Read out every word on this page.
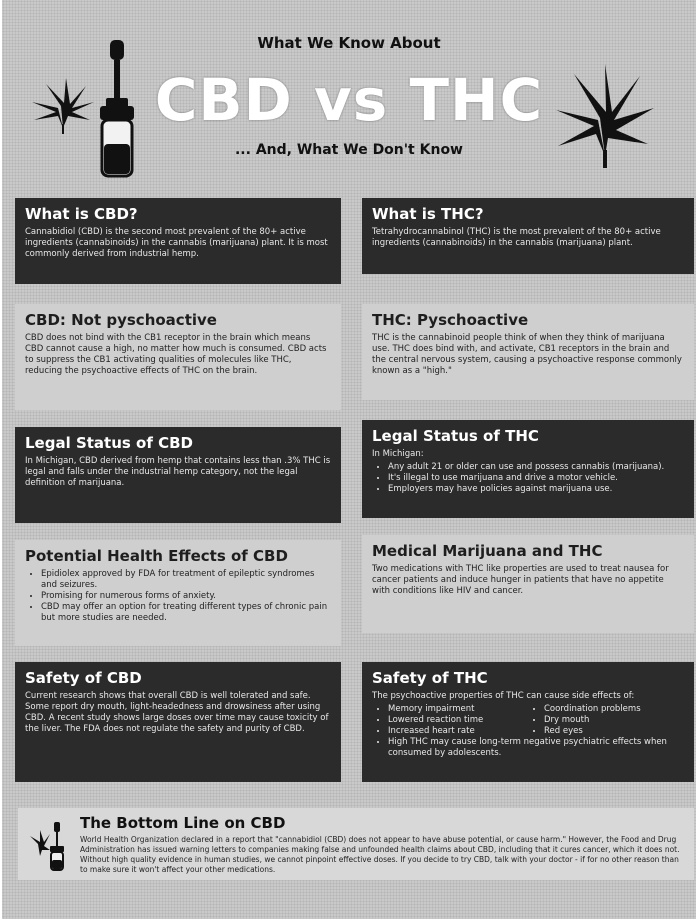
What We Know About
CBD vs THC
... And, What We Don't Know
What is CBD?

Cannabidiol (CBD) is the second most prevalent of the 80+ active ingredients (cannabinoids) in the cannabis (marijuana) plant. It is most commonly derived from industrial hemp.

What is THC?

Tetrahydrocannabinol (THC) is the most prevalent of the 80+ active ingredients (cannabinoids) in the cannabis (marijuana) plant.

CBD: Not pyschoactive

CBD does not bind with the CB1 receptor in the brain which means CBD cannot cause a high, no matter how much is consumed. CBD acts to suppress the CB1 activating qualities of molecules like THC, reducing the psychoactive effects of THC on the brain.

THC: Pyschoactive

THC is the cannabinoid people think of when they think of marijuana use. THC does bind with, and activate, CB1 receptors in the brain and the central nervous system, causing a psychoactive response commonly known as a "high."

Legal Status of CBD

In Michigan, CBD derived from hemp that contains less than .3% THC is legal and falls under the industrial hemp category, not the legal definition of marijuana.

Legal Status of THC

In Michigan:

• Any adult 21 or older can use and possess cannabis (marijuana).
• It's illegal to use marijuana and drive a motor vehicle.
• Employers may have policies against marijuana use.
Potential Health Effects of CBD
• Epidiolex approved by FDA for treatment of epileptic syndromes and seizures.
• Promising for numerous forms of anxiety.
• CBD may offer an option for treating different types of chronic pain but more studies are needed.
Medical Marijuana and THC

Two medications with THC like properties are used to treat nausea for cancer patients and induce hunger in patients that have no appetite with conditions like HIV and cancer.

Safety of CBD

Current research shows that overall CBD is well tolerated and safe. Some report dry mouth, light-headedness and drowsiness after using CBD. A recent study shows large doses over time may cause toxicity of the liver. The FDA does not regulate the safety and purity of CBD.

Safety of THC

The psychoactive properties of THC can cause side effects of:

• Memory impairment
• Lowered reaction time
• Increased heart rate
• Coordination problems
• Dry mouth
• Red eyes
• High THC may cause long-term negative psychiatric effects when consumed by adolescents.
The Bottom Line on CBD

World Health Organization declared in a report that "cannabidiol (CBD) does not appear to have abuse potential, or cause harm." However, the Food and Drug Administration has issued warning letters to companies making false and unfounded health claims about CBD, including that it cures cancer, which it does not. Without high quality evidence in human studies, we cannot pinpoint effective doses. If you decide to try CBD, talk with your doctor - if for no other reason than to make sure it won't affect your other medications.
